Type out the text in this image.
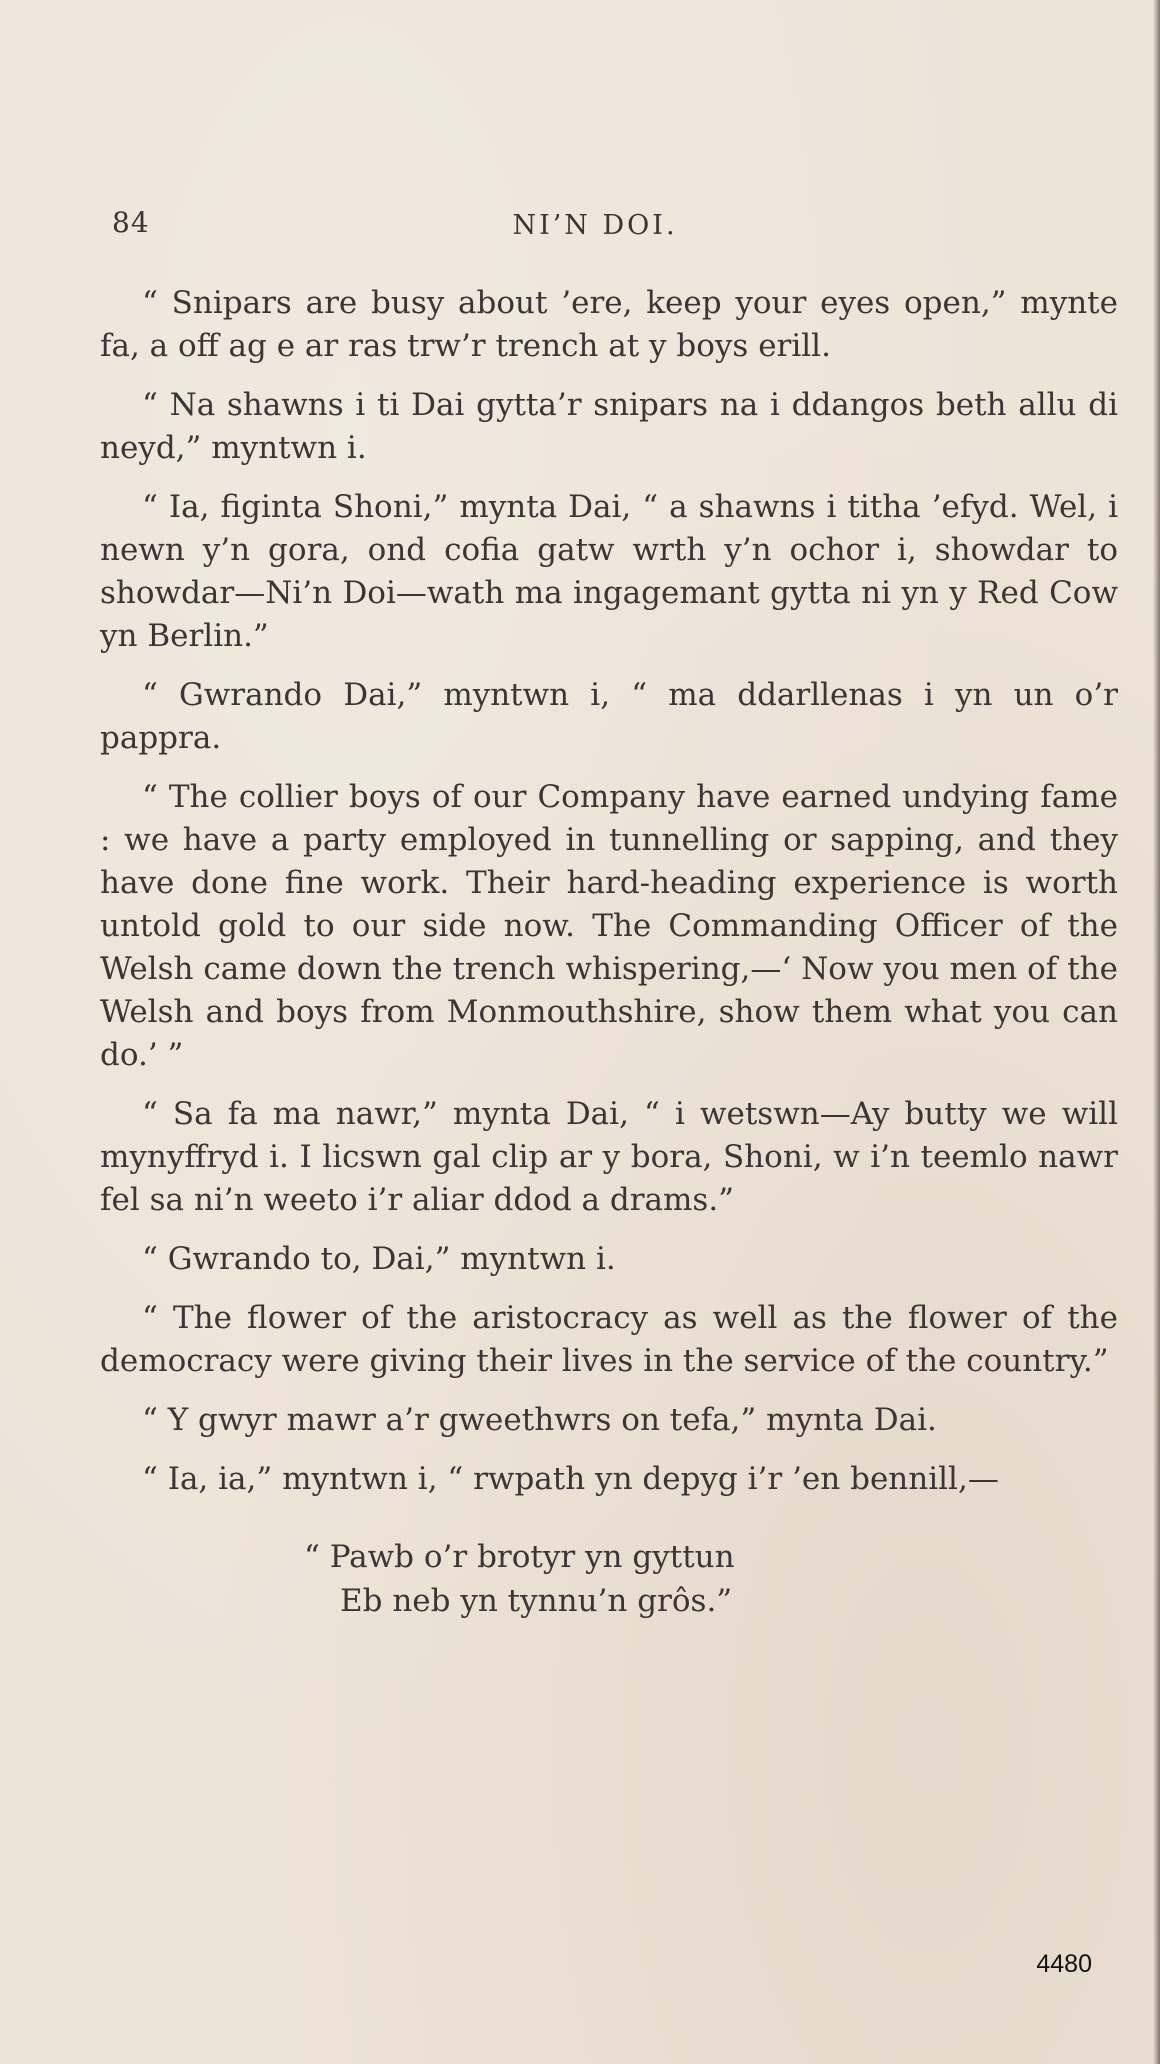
84	NI’N DOI.

“ Snipars are busy about ’ere, keep your eyes open,” mynte fa, a off ag e ar ras trw’r trench at y boys erill.

“ Na shawns i ti Dai gytta’r snipars na i ddangos beth allu di neyd,” myntwn i.

“ Ia, figinta Shoni,” mynta Dai, “ a shawns i titha ’efyd. Wel, i newn y’n gora, ond cofia gatw wrth y’n ochor i, showdar to showdar—Ni’n Doi—wath ma ingagemant gytta ni yn y Red Cow yn Berlin.”

“ Gwrando Dai,” myntwn i, “ ma ddarllenas i yn un o’r pappra.

“ The collier boys of our Company have earned undying fame : we have a party employed in tunnelling or sapping, and they have done fine work. Their hard-heading experience is worth untold gold to our side now. The Commanding Officer of the Welsh came down the trench whispering,—‘ Now you men of the Welsh and boys from Monmouthshire, show them what you can do.’ ”

“ Sa fa ma nawr,” mynta Dai, “ i wetswn—Ay butty we will mynyffryd i. I licswn gal clip ar y bora, Shoni, w i’n teemlo nawr fel sa ni’n weeto i’r aliar ddod a drams.”

“ Gwrando to, Dai,” myntwn i.

“ The flower of the aristocracy as well as the flower of the democracy were giving their lives in the service of the country.”

“ Y gwyr mawr a’r gweethwrs on tefa,” mynta Dai.

“ Ia, ia,” myntwn i, “ rwpath yn depyg i’r ’en bennill,—

“ Pawb o’r brotyr yn gyttun
Eb neb yn tynnu’n grôs.”
4480
